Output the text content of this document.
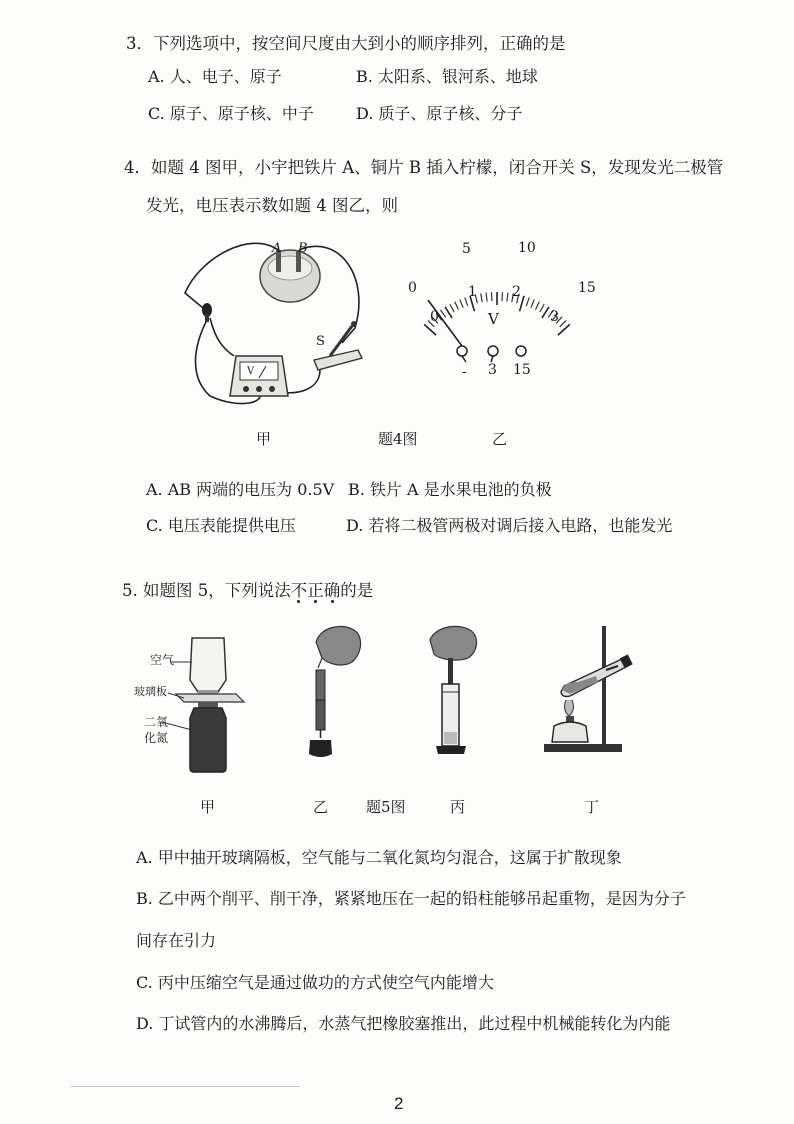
3．下列选项中，按空间尺度由大到小的顺序排列，正确的是
A. 人、电子、原子	B. 太阳系、银河系、地球
C. 原子、原子核、中子	D. 质子、原子核、分子
4．如题 4 图甲，小宇把铁片 A、铜片 B 插入柠檬，闭合开关 S，发现发光二极管
发光，电压表示数如题 4 图乙，则
A B
S
V
0
5	10
15
0
1	2
3
V
- 3 15
甲	题4图	乙
A. AB 两端的电压为 0.5V B. 铁片 A 是水果电池的负极
C. 电压表能提供电压	D. 若将二极管两极对调后接入电路，也能发光
5. 如题图 5，下列说法不正确的是
空气
玻璃板
二氧
化氮
甲	乙	题5图	丙	丁
A. 甲中抽开玻璃隔板，空气能与二氧化氮均匀混合，这属于扩散现象
B. 乙中两个削平、削干净，紧紧地压在一起的铅柱能够吊起重物，是因为分子
间存在引力
C. 丙中压缩空气是通过做功的方式使空气内能增大
D. 丁试管内的水沸腾后，水蒸气把橡胶塞推出，此过程中机械能转化为内能
2
